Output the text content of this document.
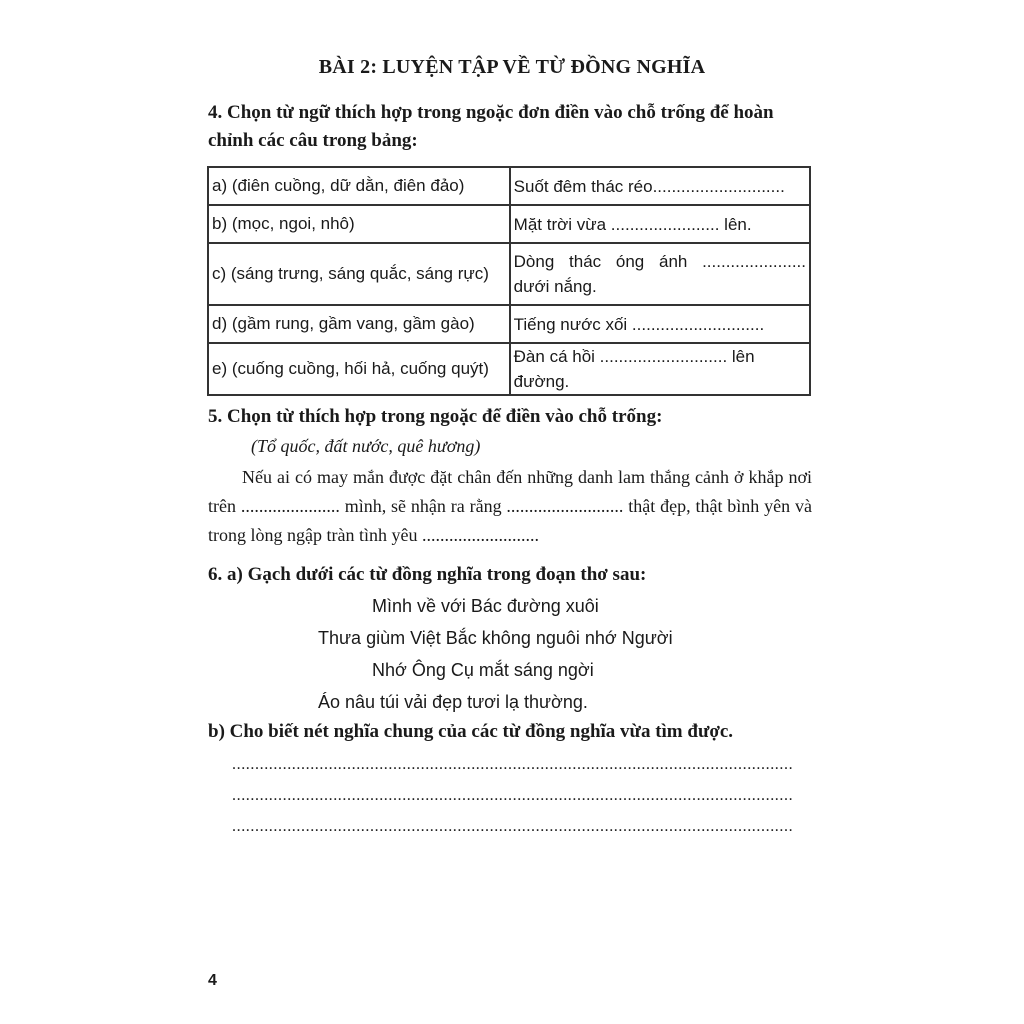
BÀI 2: LUYỆN TẬP VỀ TỪ ĐỒNG NGHĨA
4. Chọn từ ngữ thích hợp trong ngoặc đơn điền vào chỗ trống để hoàn chỉnh các câu trong bảng:
a) (điên cuồng, dữ dằn, điên đảo)	Suốt đêm thác réo............................
b) (mọc, ngoi, nhô)	Mặt trời vừa ....................... lên.
c) (sáng trưng, sáng quắc, sáng rực)	Dòng thác óng ánh ......................
dưới nắng.
d) (gầm rung, gầm vang, gầm gào)	Tiếng nước xối ............................
e) (cuống cuồng, hối hả, cuống quýt)	Đàn cá hồi ........................... lên đường.
5. Chọn từ thích hợp trong ngoặc để điền vào chỗ trống:
(Tổ quốc, đất nước, quê hương)
Nếu ai có may mắn được đặt chân đến những danh lam thắng cảnh ở khắp nơi trên ...................... mình, sẽ nhận ra rằng .......................... thật đẹp, thật bình yên và trong lòng ngập tràn tình yêu ..........................
6. a) Gạch dưới các từ đồng nghĩa trong đoạn thơ sau:
Mình về với Bác đường xuôi
Thưa giùm Việt Bắc không nguôi nhớ Người
Nhớ Ông Cụ mắt sáng ngời
Áo nâu túi vải đẹp tươi lạ thường.
b) Cho biết nét nghĩa chung của các từ đồng nghĩa vừa tìm được.
..........................................................................................................................
..........................................................................................................................
..........................................................................................................................
4
